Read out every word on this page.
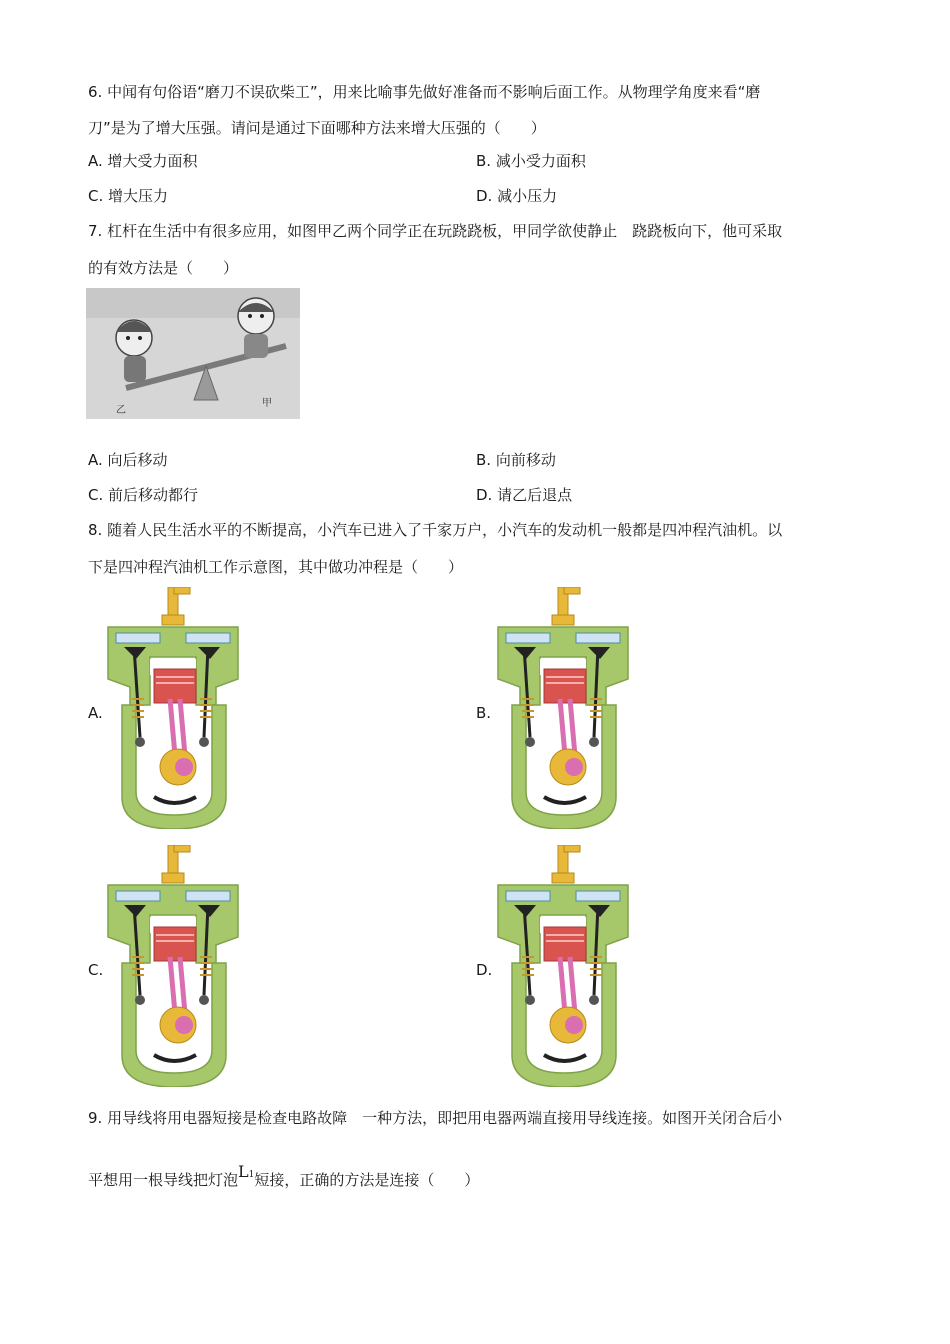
6. 中闻有句俗语“磨刀不误砍柴工”，用来比喻事先做好准备而不影响后面工作。从物理学角度来看“磨
刀”是为了增大压强。请问是通过下面哪种方法来增大压强的（　　）
A. 增大受力面积	B. 减小受力面积
C. 增大压力	D. 减小压力
7. 杠杆在生活中有很多应用，如图甲乙两个同学正在玩跷跷板，甲同学欲使静止　跷跷板向下，他可采取
的有效方法是（　　）
乙
甲
A. 向后移动	B. 向前移动
C. 前后移动都行	D. 请乙后退点
8. 随着人民生活水平的不断提高，小汽车已进入了千家万户，小汽车的发动机一般都是四冲程汽油机。以
下是四冲程汽油机工作示意图，其中做功冲程是（　　）
A.	B.
C.	D.
9. 用导线将用电器短接是检查电路故障　一种方法，即把用电器两端直接用导线连接。如图开关闭合后小
平想用一根导线把灯泡L1短接，正确的方法是连接（　　）
